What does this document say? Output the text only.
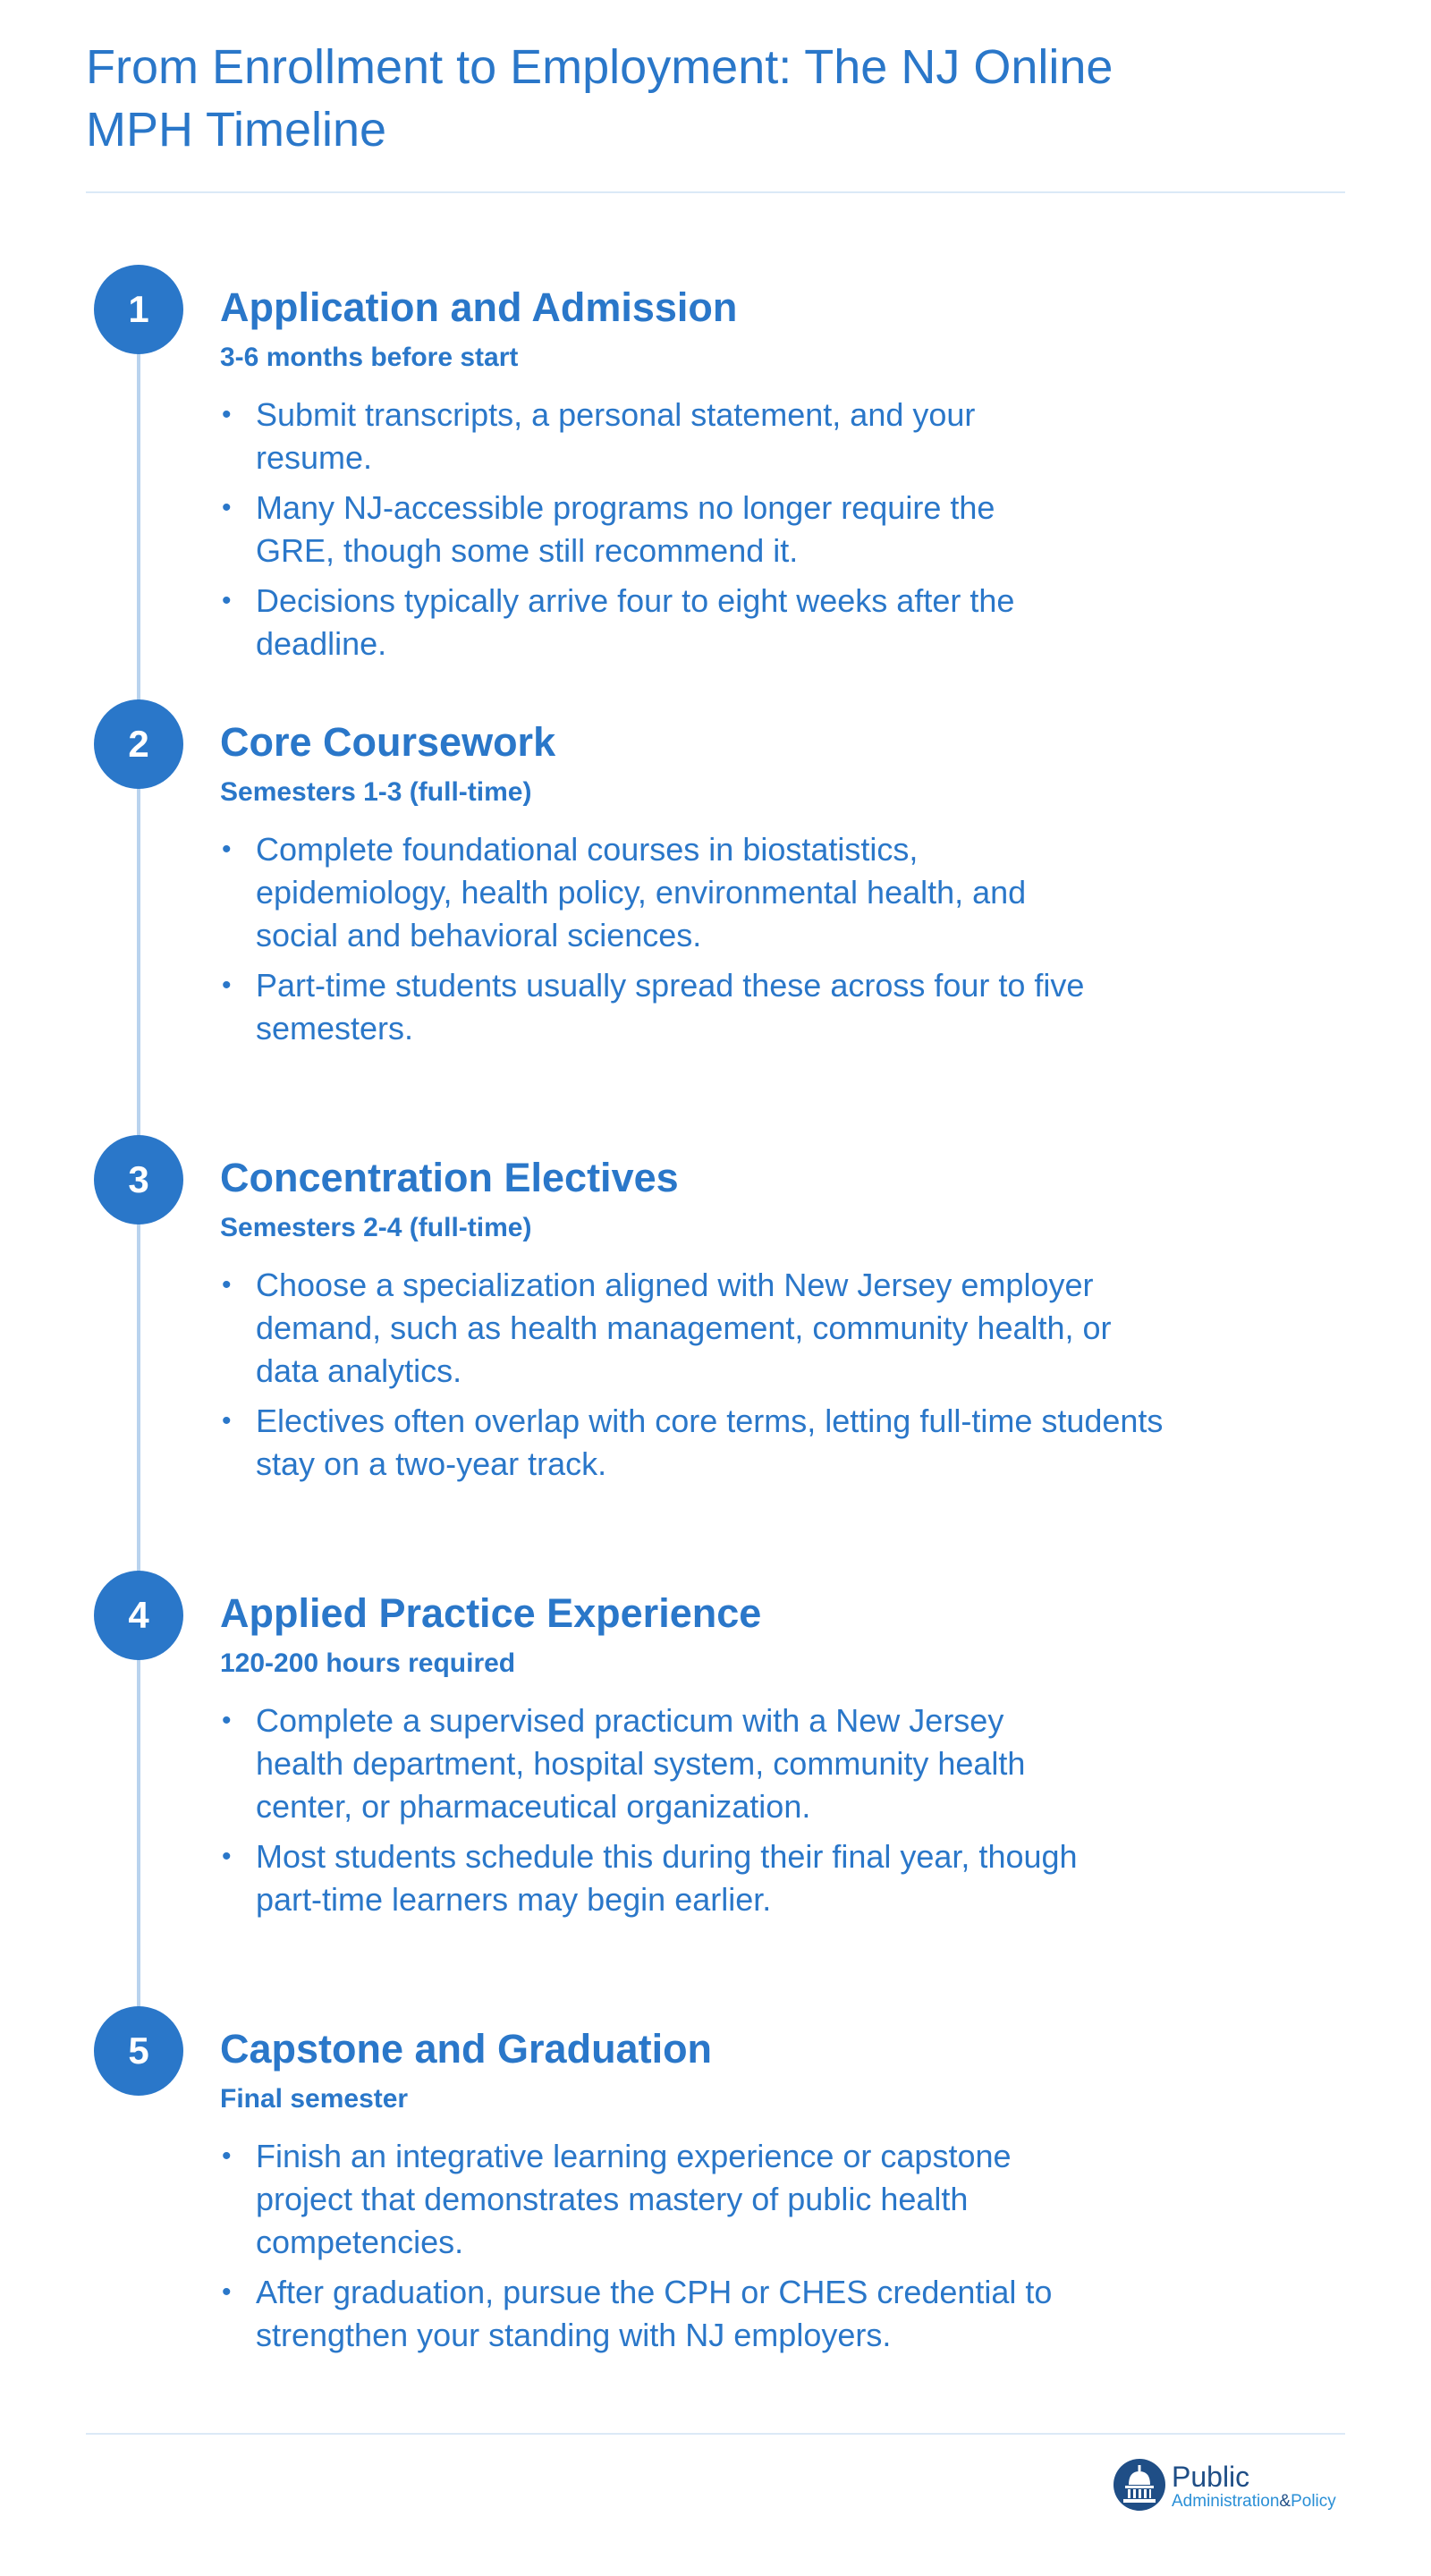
From Enrollment to Employment: The NJ Online MPH Timeline
1	Application and Admission
3-6 months before start
• Submit transcripts, a personal statement, and your resume.
• Many NJ-accessible programs no longer require the GRE, though some still recommend it.
• Decisions typically arrive four to eight weeks after the deadline.
2	Core Coursework
Semesters 1-3 (full-time)
• Complete foundational courses in biostatistics, epidemiology, health policy, environmental health, and social and behavioral sciences.
• Part-time students usually spread these across four to five semesters.
3	Concentration Electives
Semesters 2-4 (full-time)
• Choose a specialization aligned with New Jersey employer demand, such as health management, community health, or data analytics.
• Electives often overlap with core terms, letting full-time students stay on a two-year track.
4	Applied Practice Experience
120-200 hours required
• Complete a supervised practicum with a New Jersey health department, hospital system, community health center, or pharmaceutical organization.
• Most students schedule this during their final year, though part-time learners may begin earlier.
5	Capstone and Graduation
Final semester
• Finish an integrative learning experience or capstone project that demonstrates mastery of public health competencies.
• After graduation, pursue the CPH or CHES credential to strengthen your standing with NJ employers.
Public
Administration&Policy
